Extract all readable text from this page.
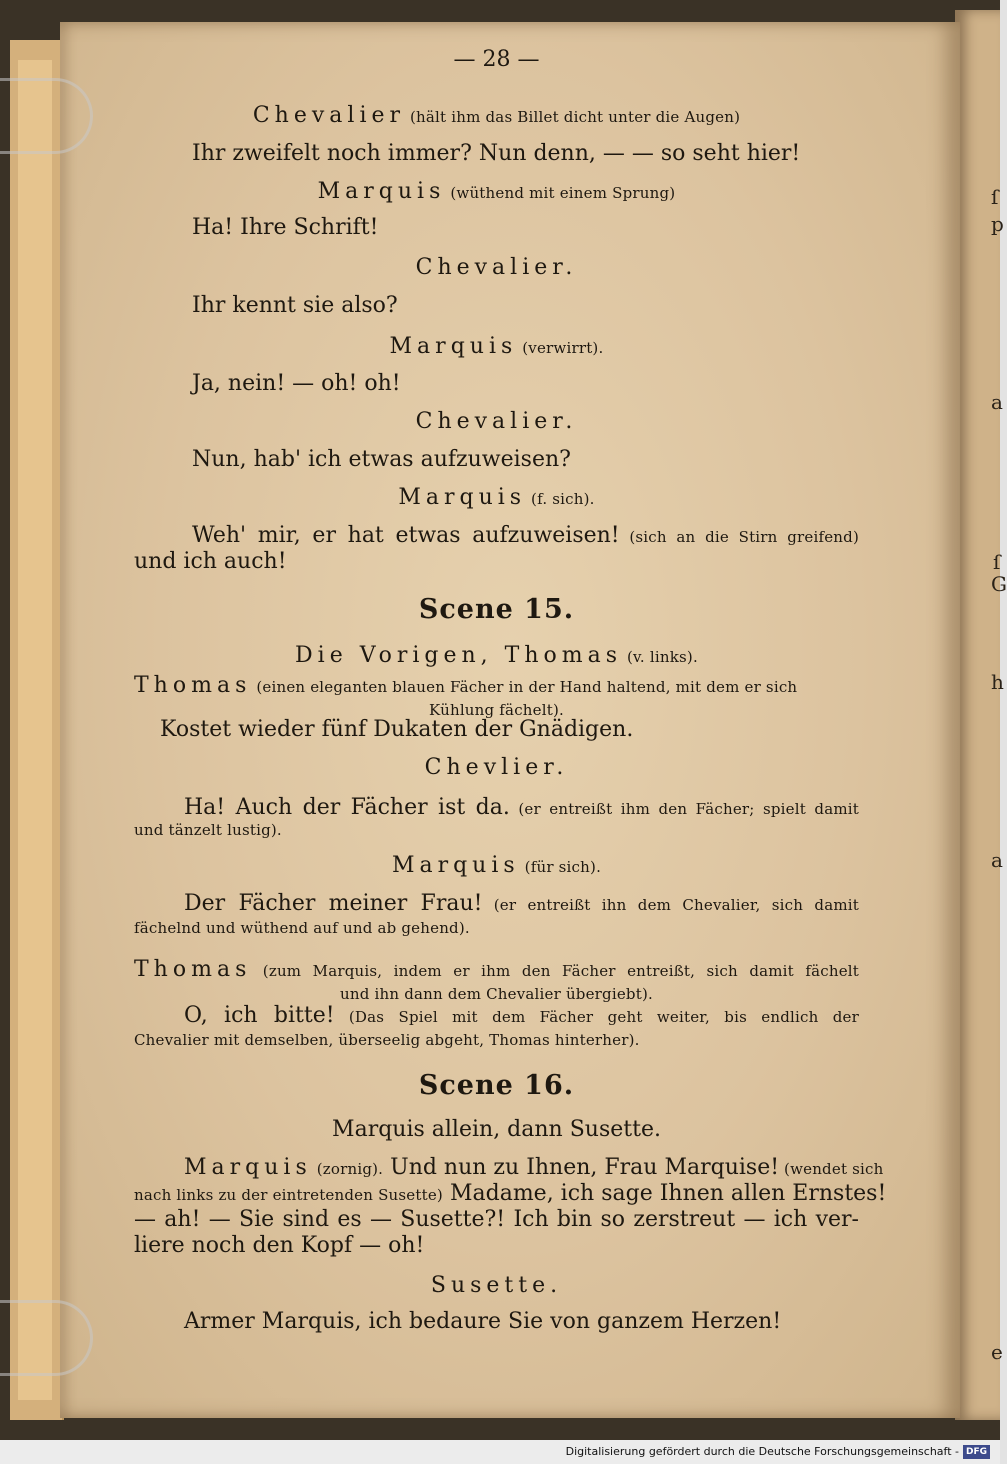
ſ
p
a
ſ
G
h
a
e
— 28 —
Chevalier (hält ihm das Billet dicht unter die Augen)
Ihr zweifelt noch immer? Nun denn, — — so seht hier!
Marquis (wüthend mit einem Sprung)
Ha! Ihre Schrift!
Chevalier.
Ihr kennt sie also?
Marquis (verwirrt).
Ja, nein! — oh! oh!
Chevalier.
Nun, hab' ich etwas aufzuweisen?
Marquis (f. sich).
Weh' mir, er hat etwas aufzuweisen! (sich an die Stirn greifend)
und ich auch!
Scene 15.
Die Vorigen, Thomas (v. links).
Thomas (einen eleganten blauen Fächer in der Hand haltend, mit dem er sich
Kühlung fächelt).
Kostet wieder fünf Dukaten der Gnädigen.
Chevlier.
Ha! Auch der Fächer ist da. (er entreißt ihm den Fächer; spielt damit
und tänzelt lustig).
Marquis (für sich).
Der Fächer meiner Frau! (er entreißt ihn dem Chevalier, sich damit
fächelnd und wüthend auf und ab gehend).
Thomas (zum Marquis, indem er ihm den Fächer entreißt, sich damit fächelt
und ihn dann dem Chevalier übergiebt).
O, ich bitte! (Das Spiel mit dem Fächer geht weiter, bis endlich der
Chevalier mit demselben, überseelig abgeht, Thomas hinterher).
Scene 16.
Marquis allein, dann Susette.
Marquis (zornig). Und nun zu Ihnen, Frau Marquise! (wendet sich
nach links zu der eintretenden Susette) Madame, ich sage Ihnen allen Ernstes!
— ah! — Sie sind es — Susette?! Ich bin so zerstreut — ich ver-
liere noch den Kopf — oh!
Susette.
Armer Marquis, ich bedaure Sie von ganzem Herzen!
Digitalisierung gefördert durch die Deutsche Forschungsgemeinschaft - DFG
